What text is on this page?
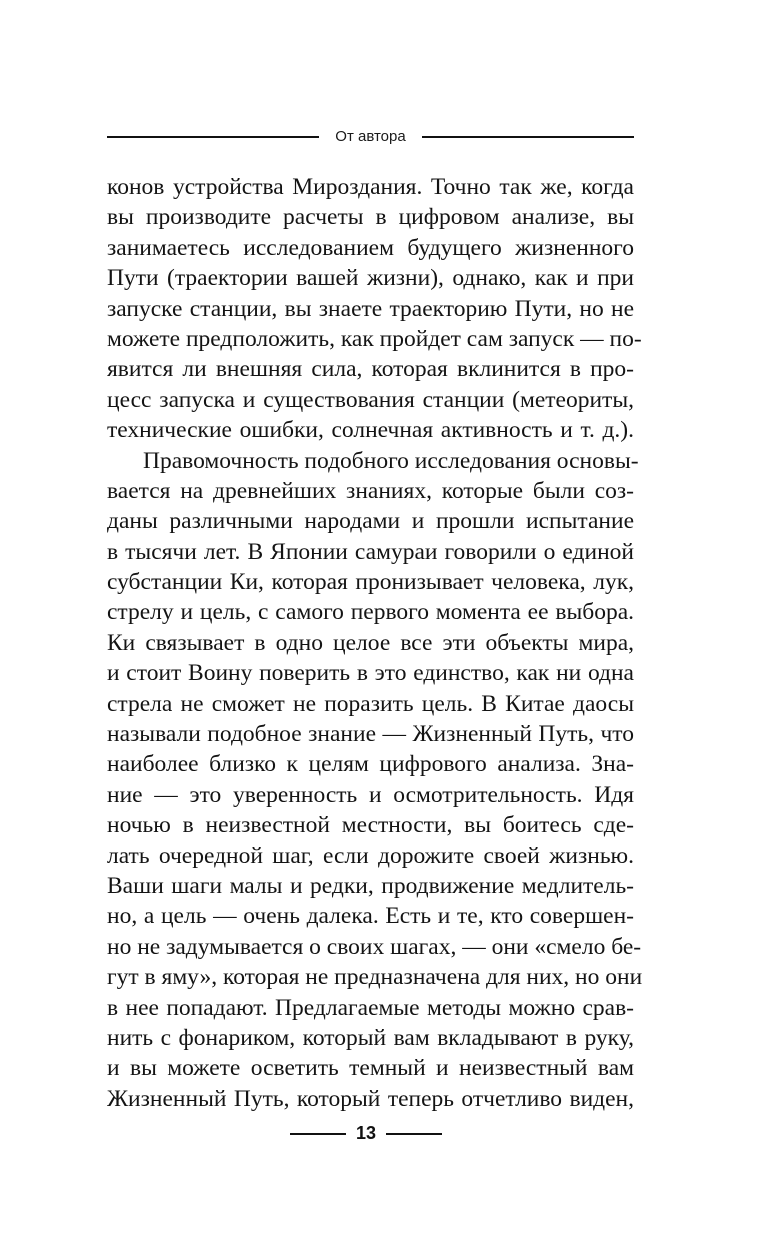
От автора
конов устройства Мироздания. Точно так же, когда
вы производите расчеты в цифровом анализе, вы
занимаетесь исследованием будущего жизненного
Пути (траектории вашей жизни), однако, как и при
запуске станции, вы знаете траекторию Пути, но не
можете предположить, как пройдет сам запуск — по-
явится ли внешняя сила, которая вклинится в про-
цесс запуска и существования станции (метеориты,
технические ошибки, солнечная активность и т. д.).
Правомочность подобного исследования основы-
вается на древнейших знаниях, которые были соз-
даны различными народами и прошли испытание
в тысячи лет. В Японии самураи говорили о единой
субстанции Ки, которая пронизывает человека, лук,
стрелу и цель, с самого первого момента ее выбора.
Ки связывает в одно целое все эти объекты мира,
и стоит Воину поверить в это единство, как ни одна
стрела не сможет не поразить цель. В Китае даосы
называли подобное знание — Жизненный Путь, что
наиболее близко к целям цифрового анализа. Зна-
ние — это уверенность и осмотрительность. Идя
ночью в неизвестной местности, вы боитесь сде-
лать очередной шаг, если дорожите своей жизнью.
Ваши шаги малы и редки, продвижение медлитель-
но, а цель — очень далека. Есть и те, кто совершен-
но не задумывается о своих шагах, — они «смело бе-
гут в яму», которая не предназначена для них, но они
в нее попадают. Предлагаемые методы можно срав-
нить с фонариком, который вам вкладывают в руку,
и вы можете осветить темный и неизвестный вам
Жизненный Путь, который теперь отчетливо виден,
13
